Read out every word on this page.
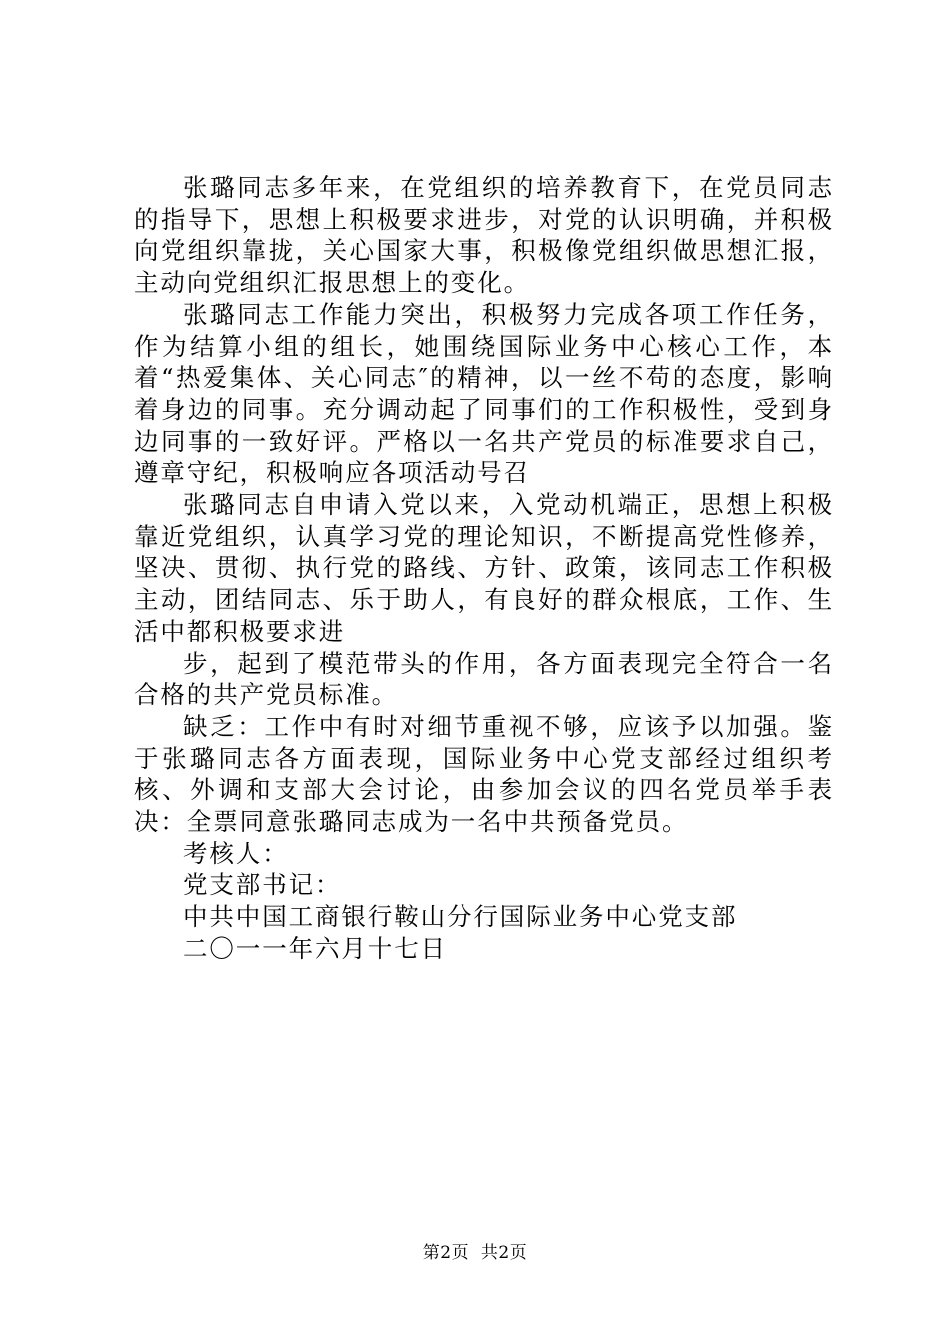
张璐同志多年来，在党组织的培养教育下，在党员同志的指导下，思想上积极要求进步，对党的认识明确，并积极向党组织靠拢，关心国家大事，积极像党组织做思想汇报，主动向党组织汇报思想上的变化。

张璐同志工作能力突出，积极努力完成各项工作任务，作为结算小组的组长，她围绕国际业务中心核心工作，本着“热爱集体、关心同志″的精神，以一丝不苟的态度，影响着身边的同事。充分调动起了同事们的工作积极性，受到身边同事的一致好评。严格以一名共产党员的标准要求自己，遵章守纪，积极响应各项活动号召

张璐同志自申请入党以来，入党动机端正，思想上积极靠近党组织，认真学习党的理论知识，不断提高党性修养，坚决、贯彻、执行党的路线、方针、政策，该同志工作积极主动，团结同志、乐于助人，有良好的群众根底，工作、生活中都积极要求进

步，起到了模范带头的作用，各方面表现完全符合一名合格的共产党员标准。

缺乏：工作中有时对细节重视不够，应该予以加强。鉴于张璐同志各方面表现，国际业务中心党支部经过组织考核、外调和支部大会讨论，由参加会议的四名党员举手表决：全票同意张璐同志成为一名中共预备党员。

考核人：

党支部书记：

中共中国工商银行鞍山分行国际业务中心党支部

二〇一一年六月十七日

第2页  共2页
